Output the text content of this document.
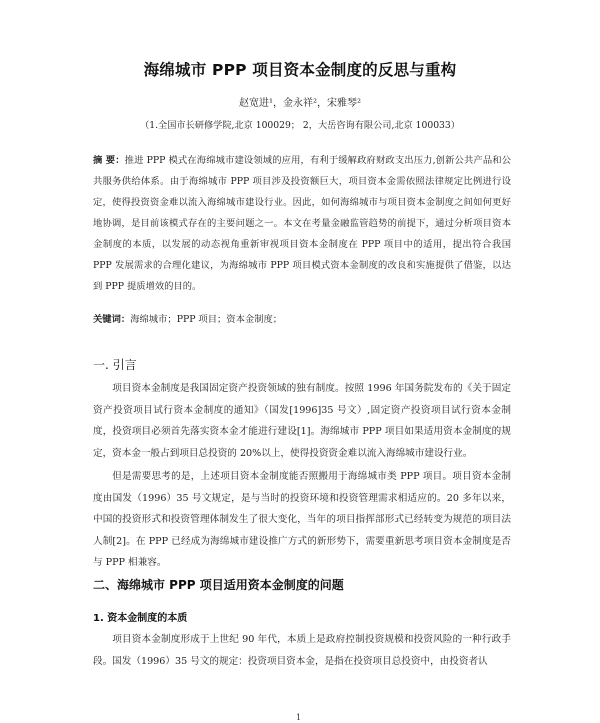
海绵城市 PPP 项目资本金制度的反思与重构
赵宽进¹，金永祥²，宋雅琴²
（1.全国市长研修学院,北京 100029； 2，大岳咨询有限公司,北京 100033）
摘 要：推进 PPP 模式在海绵城市建设领域的应用，有利于缓解政府财政支出压力,创新公共产品和公共服务供给体系。由于海绵城市 PPP 项目涉及投资额巨大，项目资本金需依照法律规定比例进行设定，使得投资资金难以流入海绵城市建设行业。因此，如何海绵城市与项目资本金制度之间如何更好地协调，是目前该模式存在的主要问题之一。本文在考量金融监管趋势的前提下，通过分析项目资本金制度的本质，以发展的动态视角重新审视项目资本金制度在 PPP 项目中的适用，提出符合我国 PPP 发展需求的合理化建议，为海绵城市 PPP 项目模式资本金制度的改良和实施提供了借鉴，以达到 PPP 提质增效的目的。
关键词：海绵城市；PPP 项目；资本金制度；
一. 引言
项目资本金制度是我国固定资产投资领域的独有制度。按照 1996 年国务院发布的《关于固定资产投资项目试行资本金制度的通知》（国发[1996]35 号文）,固定资产投资项目试行资本金制度，投资项目必须首先落实资本金才能进行建设[1]。海绵城市 PPP 项目如果适用资本金制度的规定，资本金一般占到项目总投资的 20%以上，使得投资资金难以流入海绵城市建设行业。
但是需要思考的是，上述项目资本金制度能否照搬用于海绵城市类 PPP 项目。项目资本金制度由国发（1996）35 号文规定，是与当时的投资环境和投资管理需求相适应的。20 多年以来，中国的投资形式和投资管理体制发生了很大变化，当年的项目指挥部形式已经转变为规范的项目法人制[2]。在 PPP 已经成为海绵城市建设推广方式的新形势下，需要重新思考项目资本金制度是否与 PPP 相兼容。
二、海绵城市 PPP 项目适用资本金制度的问题
1. 资本金制度的本质
项目资本金制度形成于上世纪 90 年代，本质上是政府控制投资规模和投资风险的一种行政手段。国发（1996）35 号文的规定：投资项目资本金，是指在投资项目总投资中，由投资者认
1
